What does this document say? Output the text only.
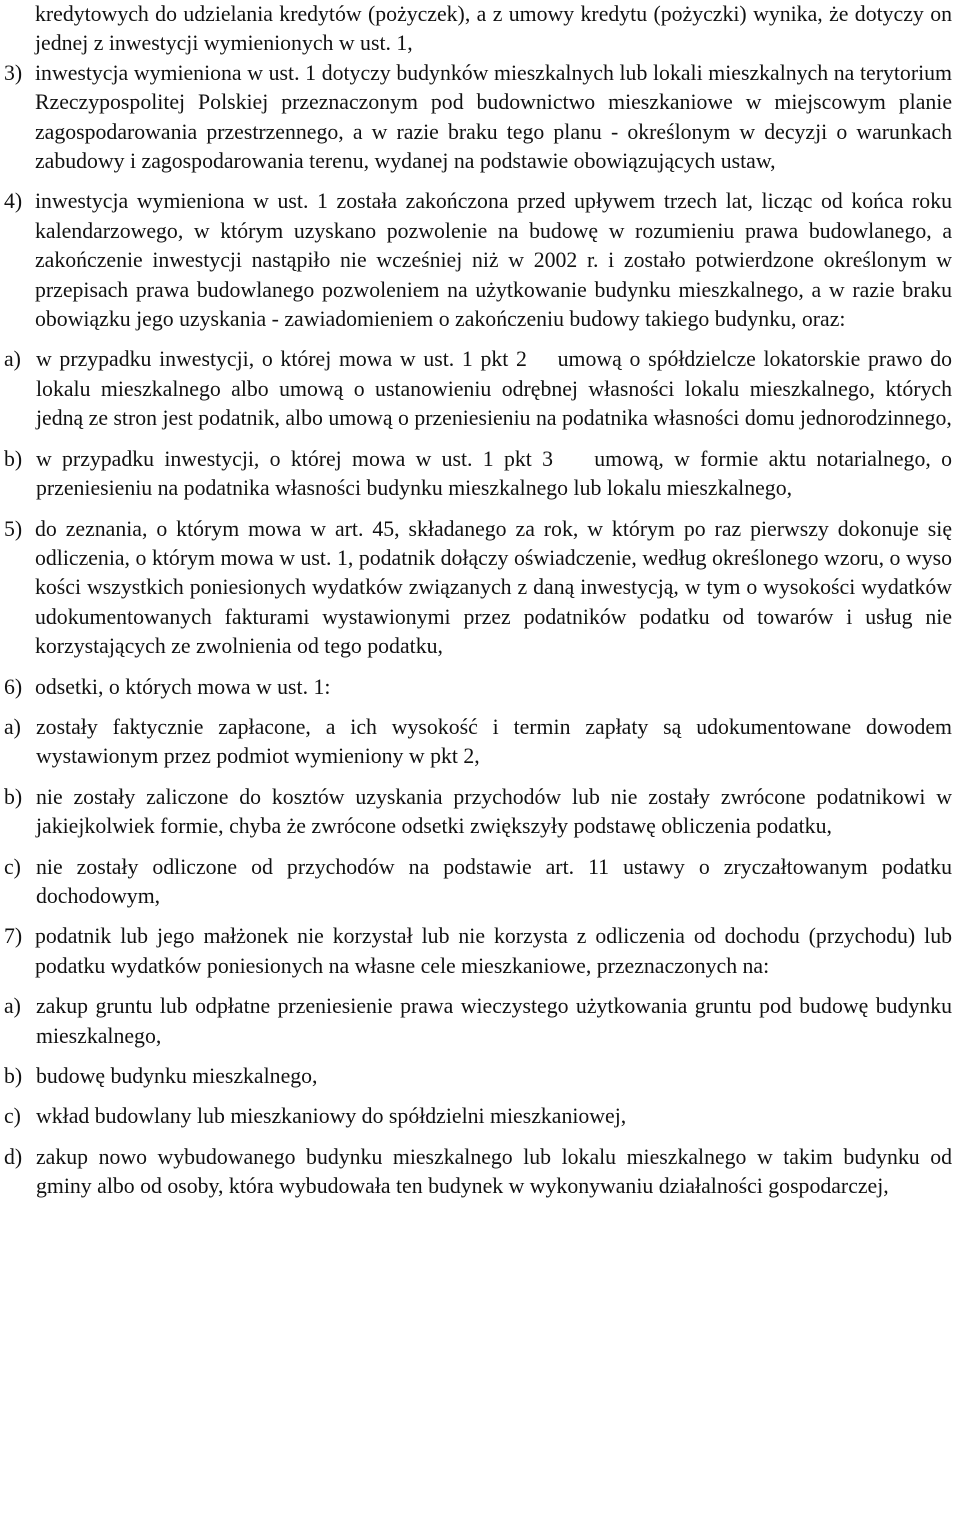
kredytowych do udzielania kredytów (pożyczek), a z umowy kredytu (pożyczki) wynika, że dotyczy on jednej z inwestycji wymienionych w ust. 1,
3) inwestycja wymieniona w ust. 1 dotyczy budynków mieszkalnych lub lokali mieszkalnych na terytorium Rzeczypospolitej Polskiej przeznaczonym pod budownictwo mieszkaniowe w miejscowym planie zagospodarowania przestrzennego, a w razie braku tego planu - określonym w decyzji o warunkach zabudowy i zagospodarowania terenu, wydanej na podstawie obowiązujących ustaw,
4) inwestycja wymieniona w ust. 1 została zakończona przed upływem trzech lat, licząc od końca roku kalendarzowego, w którym uzyskano pozwolenie na budowę w rozumieniu prawa budowlanego, a zakończenie inwestycji nastąpiło nie wcześniej niż w 2002 r. i zostało potwierdzone określonym w przepisach prawa budowlanego pozwoleniem na użytkowanie budynku mieszkalnego, a w razie braku obowiązku jego uzyskania - zawiadomieniem o zakończeniu budowy takiego budynku, oraz:
a) w przypadku inwestycji, o której mowa w ust. 1 pkt 2    umową o spółdzielcze lokatorskie prawo do lokalu mieszkalnego albo umową o ustanowieniu odrębnej własności lokalu mieszkalnego, których jedną ze stron jest podatnik, albo umową o przeniesieniu na podatnika własności domu jednorodzinnego,
b) w przypadku inwestycji, o której mowa w ust. 1 pkt 3    umową, w formie aktu notarialnego, o przeniesieniu na podatnika własności budynku mieszkalnego lub lokalu mieszkalnego,
5) do zeznania, o którym mowa w art. 45, składanego za rok, w którym po raz pierwszy dokonuje się odliczenia, o którym mowa w ust. 1, podatnik dołączy oświadczenie, według określonego wzoru, o wyso kości wszystkich poniesionych wydatków związanych z daną inwestycją, w tym o wysokości wydatków udokumentowanych fakturami wystawionymi przez podatników podatku od towarów i usług nie korzystających ze zwolnienia od tego podatku,
6) odsetki, o których mowa w ust. 1:
a) zostały faktycznie zapłacone, a ich wysokość i termin zapłaty są udokumentowane dowodem wystawionym przez podmiot wymieniony w pkt 2,
b) nie zostały zaliczone do kosztów uzyskania przychodów lub nie zostały zwrócone podatnikowi w jakiejkolwiek formie, chyba że zwrócone odsetki zwiększyły podstawę obliczenia podatku,
c) nie zostały odliczone od przychodów na podstawie art. 11 ustawy o zryczałtowanym podatku dochodowym,
7) podatnik lub jego małżonek nie korzystał lub nie korzysta z odliczenia od dochodu (przychodu) lub podatku wydatków poniesionych na własne cele mieszkaniowe, przeznaczonych na:
a) zakup gruntu lub odpłatne przeniesienie prawa wieczystego użytkowania gruntu pod budowę budynku mieszkalnego,
b) budowę budynku mieszkalnego,
c) wkład budowlany lub mieszkaniowy do spółdzielni mieszkaniowej,
d) zakup nowo wybudowanego budynku mieszkalnego lub lokalu mieszkalnego w takim budynku od gminy albo od osoby, która wybudowała ten budynek w wykonywaniu działalności gospodarczej,
